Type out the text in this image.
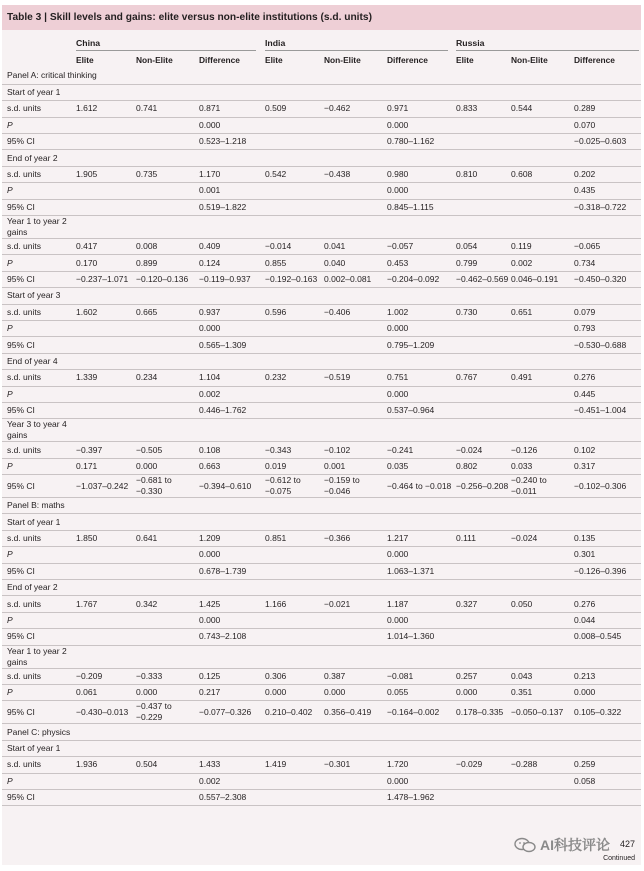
Table 3 | Skill levels and gains: elite versus non-elite institutions (s.d. units)
China	India	Russia
Elite	Non-Elite	Difference	Elite	Non-Elite	Difference	Elite	Non-Elite	Difference
Panel A: critical thinking									
Start of year 1									
s.d. units	1.612	0.741	0.871	0.509	−0.462	0.971	0.833	0.544	0.289
P			0.000			0.000			0.070
95% CI			0.523–1.218			0.780–1.162			−0.025–0.603
End of year 2									
s.d. units	1.905	0.735	1.170	0.542	−0.438	0.980	0.810	0.608	0.202
P			0.001			0.000			0.435
95% CI			0.519–1.822			0.845–1.115			−0.318–0.722
Year 1 to year 2 gains									
s.d. units	0.417	0.008	0.409	−0.014	0.041	−0.057	0.054	0.119	−0.065
P	0.170	0.899	0.124	0.855	0.040	0.453	0.799	0.002	0.734
95% CI	−0.237–1.071	−0.120–0.136	−0.119–0.937	−0.192–0.163	0.002–0.081	−0.204–0.092	−0.462–0.569	0.046–0.191	−0.450–0.320
Start of year 3									
s.d. units	1.602	0.665	0.937	0.596	−0.406	1.002	0.730	0.651	0.079
P			0.000			0.000			0.793
95% CI			0.565–1.309			0.795–1.209			−0.530–0.688
End of year 4									
s.d. units	1.339	0.234	1.104	0.232	−0.519	0.751	0.767	0.491	0.276
P			0.002			0.000			0.445
95% CI			0.446–1.762			0.537–0.964			−0.451–1.004
Year 3 to year 4 gains									
s.d. units	−0.397	−0.505	0.108	−0.343	−0.102	−0.241	−0.024	−0.126	0.102
P	0.171	0.000	0.663	0.019	0.001	0.035	0.802	0.033	0.317
95% CI	−1.037–0.242	−0.681 to −0.330	−0.394–0.610	−0.612 to −0.075	−0.159 to −0.046	−0.464 to −0.018	−0.256–0.208	−0.240 to −0.011	−0.102–0.306
Panel B: maths									
Start of year 1									
s.d. units	1.850	0.641	1.209	0.851	−0.366	1.217	0.111	−0.024	0.135
P			0.000			0.000			0.301
95% CI			0.678–1.739			1.063–1.371			−0.126–0.396
End of year 2									
s.d. units	1.767	0.342	1.425	1.166	−0.021	1.187	0.327	0.050	0.276
P			0.000			0.000			0.044
95% CI			0.743–2.108			1.014–1.360			0.008–0.545
Year 1 to year 2 gains									
s.d. units	−0.209	−0.333	0.125	0.306	0.387	−0.081	0.257	0.043	0.213
P	0.061	0.000	0.217	0.000	0.000	0.055	0.000	0.351	0.000
95% CI	−0.430–0.013	−0.437 to −0.229	−0.077–0.326	0.210–0.402	0.356–0.419	−0.164–0.002	0.178–0.335	−0.050–0.137	0.105–0.322
Panel C: physics									
Start of year 1									
s.d. units	1.936	0.504	1.433	1.419	−0.301	1.720	−0.029	−0.288	0.259
P			0.002			0.000			0.058
95% CI			0.557–2.308			1.478–1.962			
AI科技评论 427
Continued
